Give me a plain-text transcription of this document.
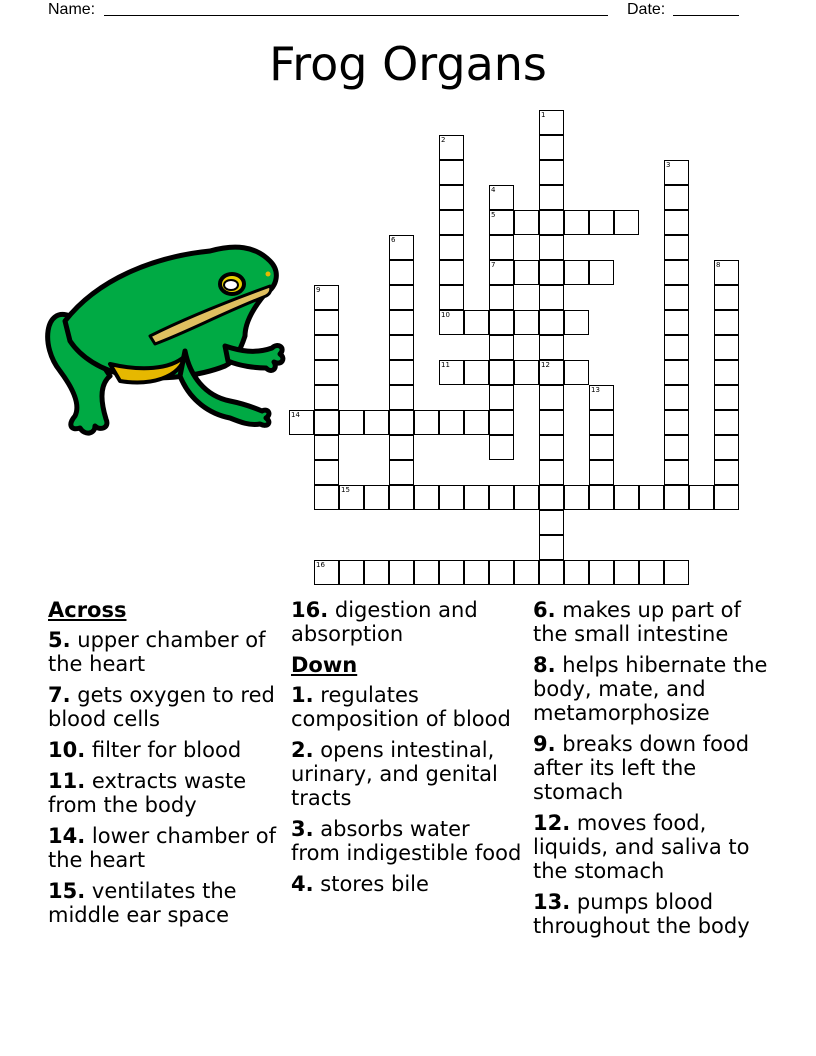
Name:	Date:
Frog Organs
1
12
2
3
4
5
7
6
8
9
10
11
13
14
15
16
Across
5. upper chamber of the heart
7. gets oxygen to red blood cells
10. filter for blood
11. extracts waste from the body
14. lower chamber of the heart
15. ventilates the middle ear space
16. digestion and absorption
Down
1. regulates composition of blood
2. opens intestinal, urinary, and genital tracts
3. absorbs water from indigestible food
4. stores bile
6. makes up part of the small intestine
8. helps hibernate the body, mate, and metamorphosize
9. breaks down food after its left the stomach
12. moves food, liquids, and saliva to the stomach
13. pumps blood throughout the body
